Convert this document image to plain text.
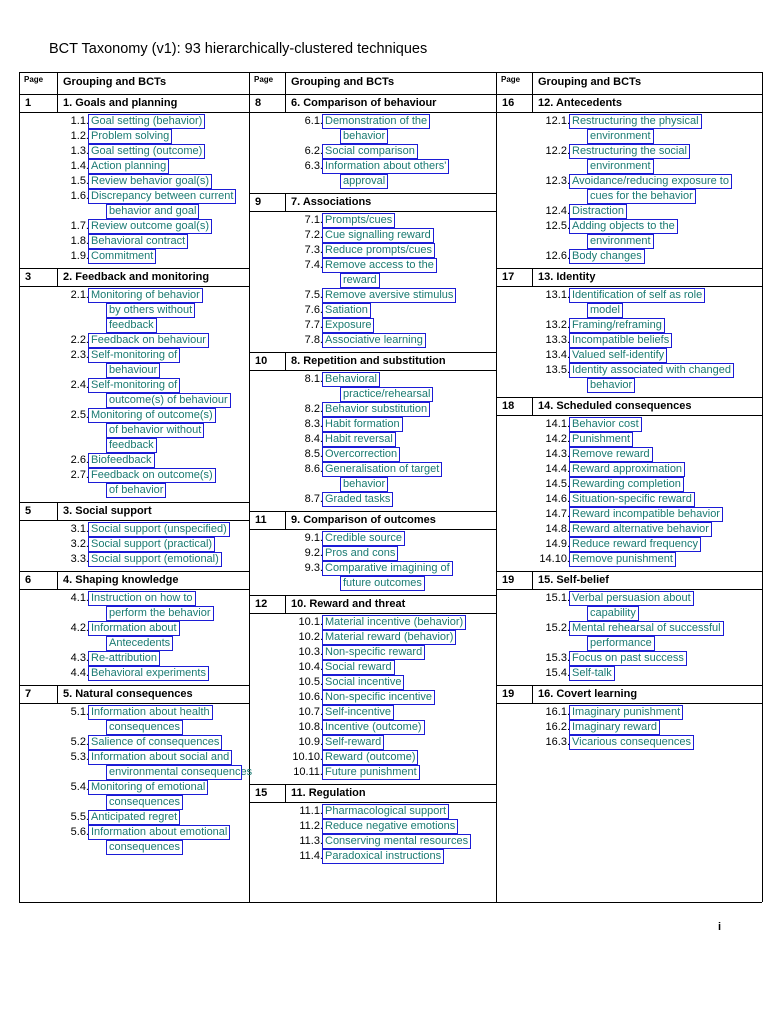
BCT Taxonomy (v1): 93 hierarchically-clustered techniques
Page Grouping and BCTs	Page Grouping and BCTs	Page Grouping and BCTs
1	1. Goals and planning
1.1. Goal setting (behavior)
1.2. Problem solving
1.3. Goal setting (outcome)
1.4. Action planning
1.5. Review behavior goal(s)
1.6. Discrepancy between current
behavior and goal
1.7. Review outcome goal(s)
1.8. Behavioral contract
1.9. Commitment
3	2. Feedback and monitoring
2.1. Monitoring of behavior
by others without
feedback
2.2. Feedback on behaviour
2.3. Self-monitoring of
behaviour
2.4. Self-monitoring of
outcome(s) of behaviour
2.5. Monitoring of outcome(s)
of behavior without
feedback
2.6. Biofeedback
2.7. Feedback on outcome(s)
of behavior
5	3. Social support
3.1. Social support (unspecified)
3.2. Social support (practical)
3.3. Social support (emotional)
6	4. Shaping knowledge
4.1. Instruction on how to
perform the behavior
4.2. Information about
Antecedents
4.3. Re-attribution
4.4. Behavioral experiments
7	5. Natural consequences
5.1. Information about health
consequences
5.2. Salience of consequences
5.3. Information about social and
environmental consequences
5.4. Monitoring of emotional
consequences
5.5. Anticipated regret
5.6. Information about emotional
consequences
8	6. Comparison of behaviour
6.1. Demonstration of the
behavior
6.2. Social comparison
6.3. Information about others'
approval
9	7. Associations
7.1. Prompts/cues
7.2. Cue signalling reward
7.3. Reduce prompts/cues
7.4. Remove access to the
reward
7.5. Remove aversive stimulus
7.6. Satiation
7.7. Exposure
7.8. Associative learning
10 8. Repetition and substitution
8.1. Behavioral
practice/rehearsal
8.2. Behavior substitution
8.3. Habit formation
8.4. Habit reversal
8.5. Overcorrection
8.6. Generalisation of target
behavior
8.7. Graded tasks
11 9. Comparison of outcomes
9.1. Credible source
9.2. Pros and cons
9.3. Comparative imagining of
future outcomes
12 10. Reward and threat
10.1. Material incentive (behavior)
10.2. Material reward (behavior)
10.3. Non-specific reward
10.4. Social reward
10.5. Social incentive
10.6. Non-specific incentive
10.7. Self-incentive
10.8. Incentive (outcome)
10.9. Self-reward
10.10. Reward (outcome)
10.11. Future punishment
15 11. Regulation
11.1. Pharmacological support
11.2. Reduce negative emotions
11.3. Conserving mental resources
11.4. Paradoxical instructions
16 12. Antecedents
12.1. Restructuring the physical
environment
12.2. Restructuring the social
environment
12.3. Avoidance/reducing exposure to
cues for the behavior
12.4. Distraction
12.5. Adding objects to the
environment
12.6. Body changes
17 13. Identity
13.1. Identification of self as role
model
13.2. Framing/reframing
13.3. Incompatible beliefs
13.4. Valued self-identify
13.5. Identity associated with changed
behavior
18 14. Scheduled consequences
14.1. Behavior cost
14.2. Punishment
14.3. Remove reward
14.4. Reward approximation
14.5. Rewarding completion
14.6. Situation-specific reward
14.7. Reward incompatible behavior
14.8. Reward alternative behavior
14.9. Reduce reward frequency
14.10. Remove punishment
19 15. Self-belief
15.1. Verbal persuasion about
capability
15.2. Mental rehearsal of successful
performance
15.3. Focus on past success
15.4. Self-talk
19 16. Covert learning
16.1. Imaginary punishment
16.2. Imaginary reward
16.3. Vicarious consequences
i
